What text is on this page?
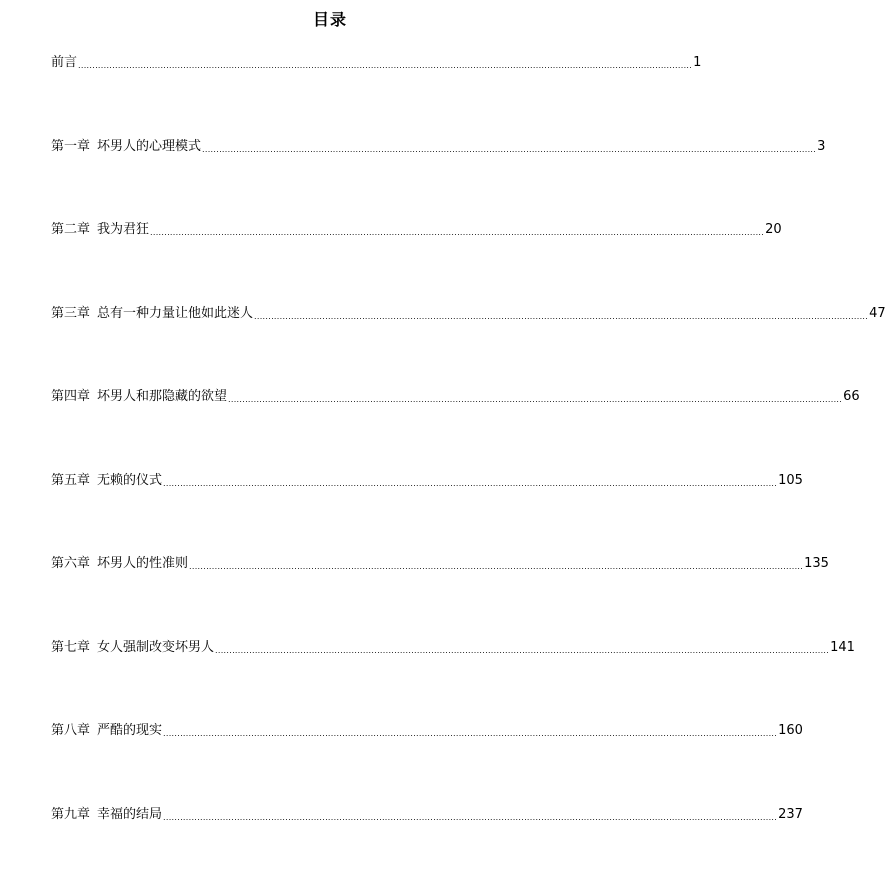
目录
前言 ........................................................................................................................................................................................................................ 1
第一章 坏男人的心理模式 ........................................................................................................................................................................................................................ 3
第二章 我为君狂 ........................................................................................................................................................................................................................ 20
第三章 总有一种力量让他如此迷人 ........................................................................................................................................................................................................................ 47
第四章 坏男人和那隐藏的欲望 ........................................................................................................................................................................................................................ 66
第五章 无赖的仪式 ........................................................................................................................................................................................................................ 105
第六章 坏男人的性准则 ........................................................................................................................................................................................................................ 135
第七章 女人强制改变坏男人 ........................................................................................................................................................................................................................ 141
第八章 严酷的现实 ........................................................................................................................................................................................................................ 160
第九章 幸福的结局 ........................................................................................................................................................................................................................ 237
